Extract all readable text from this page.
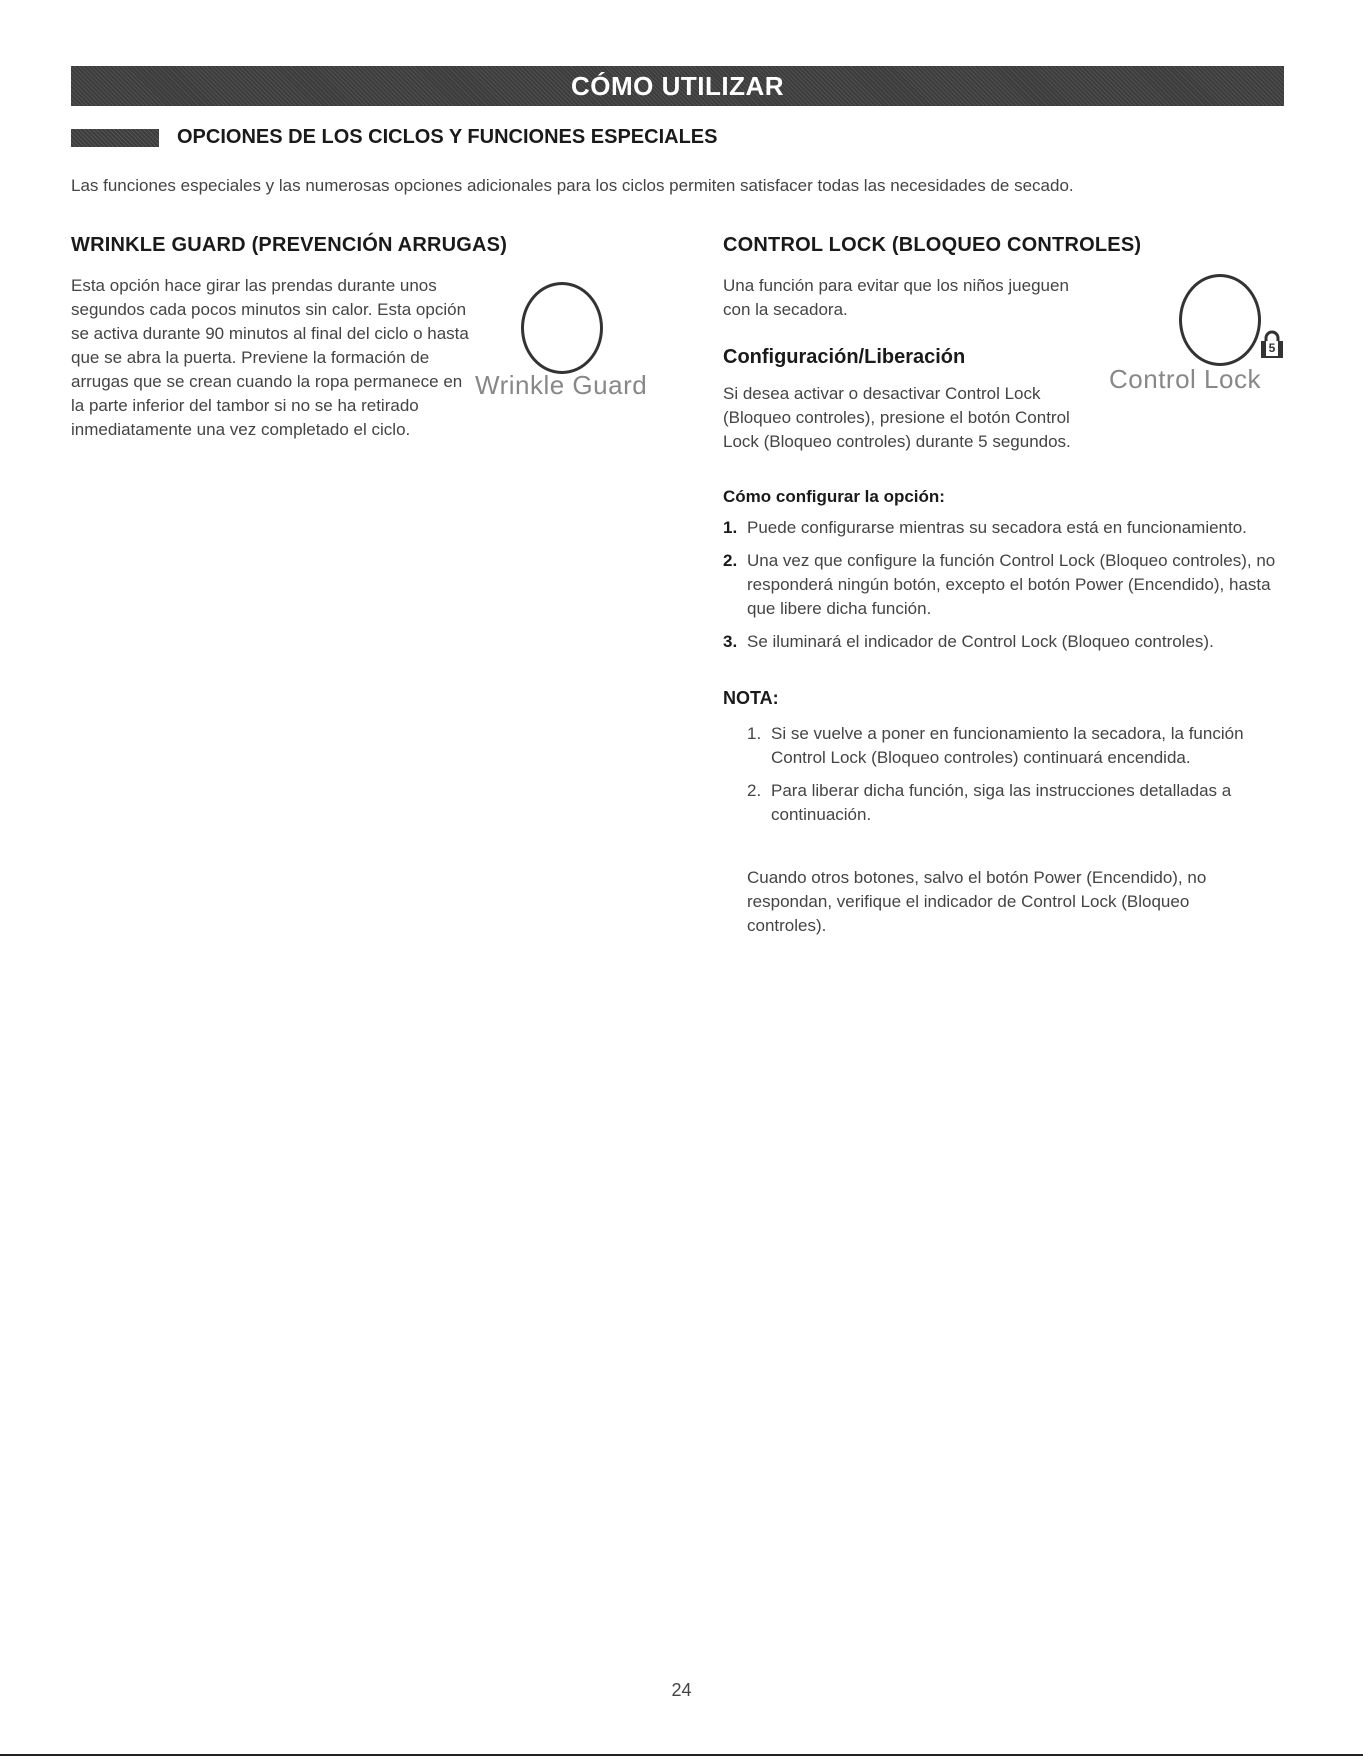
CÓMO UTILIZAR
OPCIONES DE LOS CICLOS Y FUNCIONES ESPECIALES
Las funciones especiales y las numerosas opciones adicionales para los ciclos permiten satisfacer todas las necesidades de secado.
WRINKLE GUARD (PREVENCIÓN ARRUGAS)
Esta opción hace girar las prendas durante unos segundos cada pocos minutos sin calor. Esta opción se activa durante 90 minutos al final del ciclo o hasta que se abra la puerta. Previene la formación de arrugas que se crean cuando la ropa permanece en la parte inferior del tambor si no se ha retirado inmediatamente una vez completado el ciclo.
Wrinkle Guard
CONTROL LOCK (BLOQUEO CONTROLES)
Una función para evitar que los niños jueguen con la secadora.
5
Control Lock
Configuración/Liberación
Si desea activar o desactivar Control Lock (Bloqueo controles), presione el botón Control Lock (Bloqueo controles) durante 5 segundos.
Cómo configurar la opción:
1. Puede configurarse mientras su secadora está en funcionamiento.
2. Una vez que configure la función Control Lock (Bloqueo controles), no responderá ningún botón, excepto el botón Power (Encendido), hasta que libere dicha función.
3. Se iluminará el indicador de Control Lock (Bloqueo controles).
NOTA:
1. Si se vuelve a poner en funcionamiento la secadora, la función Control Lock (Bloqueo controles) continuará encendida.
2. Para liberar dicha función, siga las instrucciones detalladas a continuación.
Cuando otros botones, salvo el botón Power (Encendido), no respondan, verifique el indicador de Control Lock (Bloqueo controles).
24
